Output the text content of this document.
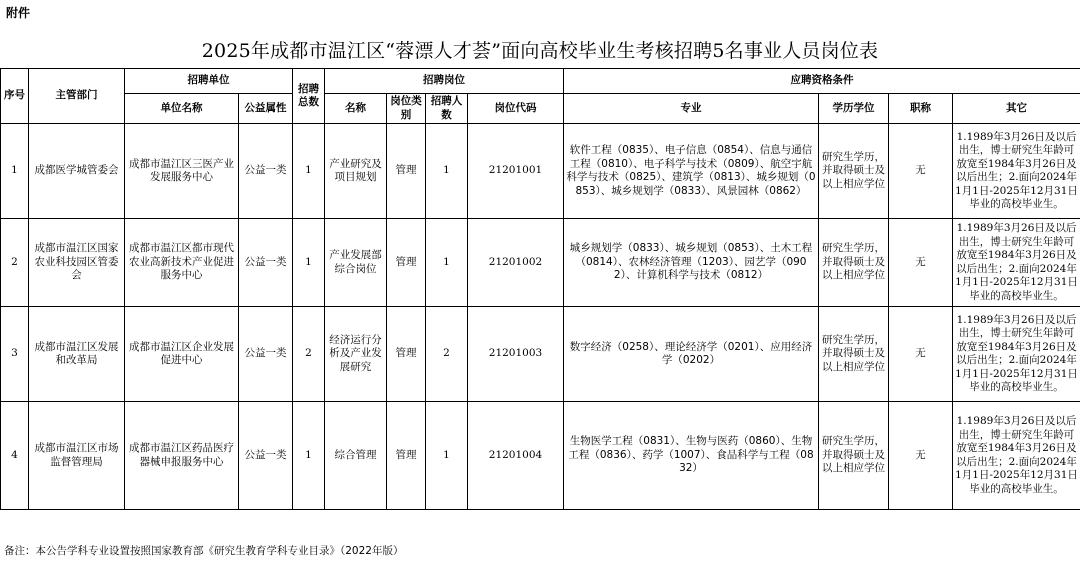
附件
2025年成都市温江区“蓉漂人才荟”面向高校毕业生考核招聘5名事业人员岗位表
序号	主管部门	招聘单位		招聘总数	招聘岗位				应聘资格条件			
		单位名称	公益属性		名称	岗位类别	招聘人数	岗位代码	专业	学历学位	职称	其它
1	成都医学城管委会	成都市温江区三医产业发展服务中心	公益一类	1	产业研究及项目规划	管理	1	21201001	软件工程（0835）、电子信息（0854）、信息与通信工程（0810）、电子科学与技术（0809）、航空宇航科学与技术（0825）、建筑学（0813）、城乡规划（0853）、城乡规划学（0833）、风景园林（0862）	研究生学历，并取得硕士及以上相应学位	无	1.1989年3月26日及以后出生，博士研究生年龄可放宽至1984年3月26日及以后出生；2.面向2024年1月1日-2025年12月31日毕业的高校毕业生。
2	成都市温江区国家农业科技园区管委会	成都市温江区都市现代农业高新技术产业促进服务中心	公益一类	1	产业发展部综合岗位	管理	1	21201002	城乡规划学（0833）、城乡规划（0853）、土木工程（0814）、农林经济管理（1203）、园艺学（0902）、计算机科学与技术（0812）	研究生学历，并取得硕士及以上相应学位	无	1.1989年3月26日及以后出生，博士研究生年龄可放宽至1984年3月26日及以后出生；2.面向2024年1月1日-2025年12月31日毕业的高校毕业生。
3	成都市温江区发展和改革局	成都市温江区企业发展促进中心	公益一类	2	经济运行分析及产业发展研究	管理	2	21201003	数字经济（0258）、理论经济学（0201）、应用经济学（0202）	研究生学历，并取得硕士及以上相应学位	无	1.1989年3月26日及以后出生，博士研究生年龄可放宽至1984年3月26日及以后出生；2.面向2024年1月1日-2025年12月31日毕业的高校毕业生。
4	成都市温江区市场监督管理局	成都市温江区药品医疗器械申报服务中心	公益一类	1	综合管理	管理	1	21201004	生物医学工程（0831）、生物与医药（0860）、生物工程（0836）、药学（1007）、食品科学与工程（0832）	研究生学历，并取得硕士及以上相应学位	无	1.1989年3月26日及以后出生，博士研究生年龄可放宽至1984年3月26日及以后出生；2.面向2024年1月1日-2025年12月31日毕业的高校毕业生。
备注：本公告学科专业设置按照国家教育部《研究生教育学科专业目录》（2022年版）
